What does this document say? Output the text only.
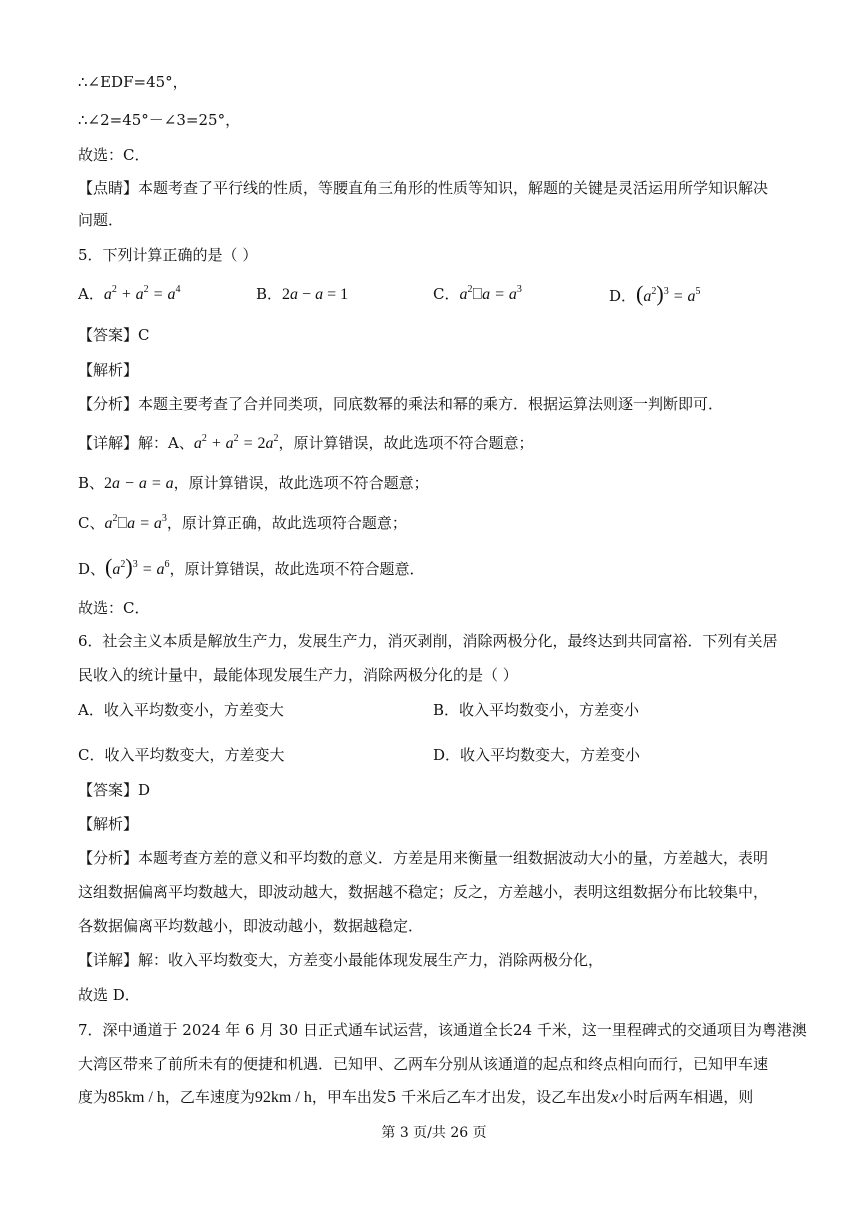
∴∠EDF=45°，
∴∠2=45°－∠3=25°，
故选：C．
【点睛】本题考查了平行线的性质，等腰直角三角形的性质等知识，解题的关键是灵活运用所学知识解决
问题．
5．下列计算正确的是（ ）
A．$a^2 + a^2 = a^4$	B．2a − a = 1	C．$a^2⎕a = a^3$	D．$(a^2)^3 = a^5$
【答案】C
【解析】
【分析】本题主要考查了合并同类项，同底数幂的乘法和幂的乘方．根据运算法则逐一判断即可．
【详解】解：A、$a^2 + a^2 = 2a^2$，原计算错误，故此选项不符合题意；
B、2a − a = a，原计算错误，故此选项不符合题意；
C、$a^2⎕a = a^3$，原计算正确，故此选项符合题意；
D、$(a^2)^3 = a^6$，原计算错误，故此选项不符合题意．
故选：C．
6．社会主义本质是解放生产力，发展生产力，消灭剥削，消除两极分化，最终达到共同富裕．下列有关居
民收入的统计量中，最能体现发展生产力，消除两极分化的是（ ）
A．收入平均数变小，方差变大	B．收入平均数变小，方差变小
C．收入平均数变大，方差变大	D．收入平均数变大，方差变小
【答案】D
【解析】
【分析】本题考查方差的意义和平均数的意义．方差是用来衡量一组数据波动大小的量，方差越大，表明
这组数据偏离平均数越大，即波动越大，数据越不稳定；反之，方差越小，表明这组数据分布比较集中，
各数据偏离平均数越小，即波动越小，数据越稳定．
【详解】解：收入平均数变大，方差变小最能体现发展生产力，消除两极分化，
故选 D．
7．深中通道于 2024 年 6 月 30 日正式通车试运营，该通道全长24 千米，这一里程碑式的交通项目为粤港澳
大湾区带来了前所未有的便捷和机遇．已知甲、乙两车分别从该通道的起点和终点相向而行，已知甲车速
度为85km / h，乙车速度为92km / h，甲车出发5 千米后乙车才出发，设乙车出发x小时后两车相遇，则
第 3 页/共 26 页
